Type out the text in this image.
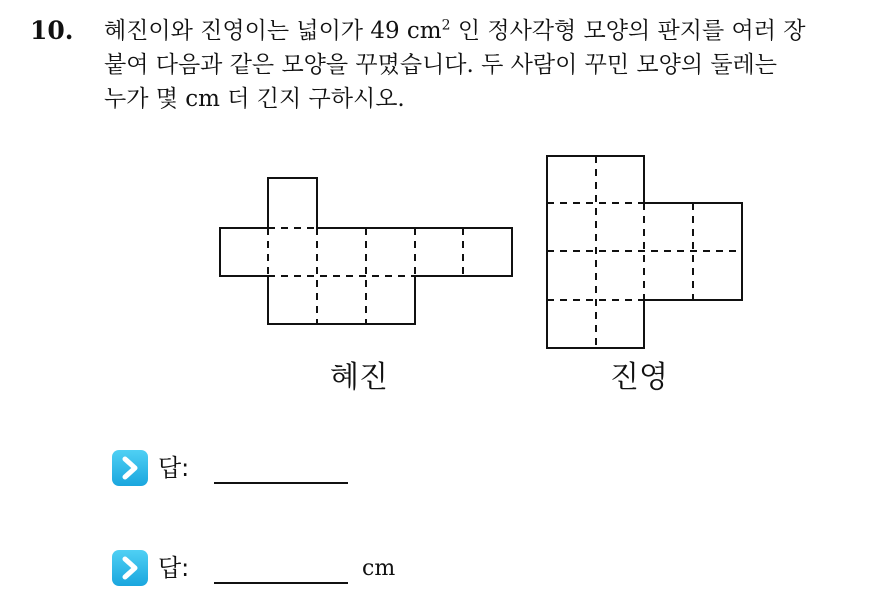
10. 혜진이와 진영이는 넓이가 49 $cm^2$ 인 정사각형 모양의 판지를 여러 장
붙여 다음과 같은 모양을 꾸몄습니다. 두 사람이 꾸민 모양의 둘레는
누가 몇 cm 더 긴지 구하시오.
혜진	진영
답:
답:	cm
